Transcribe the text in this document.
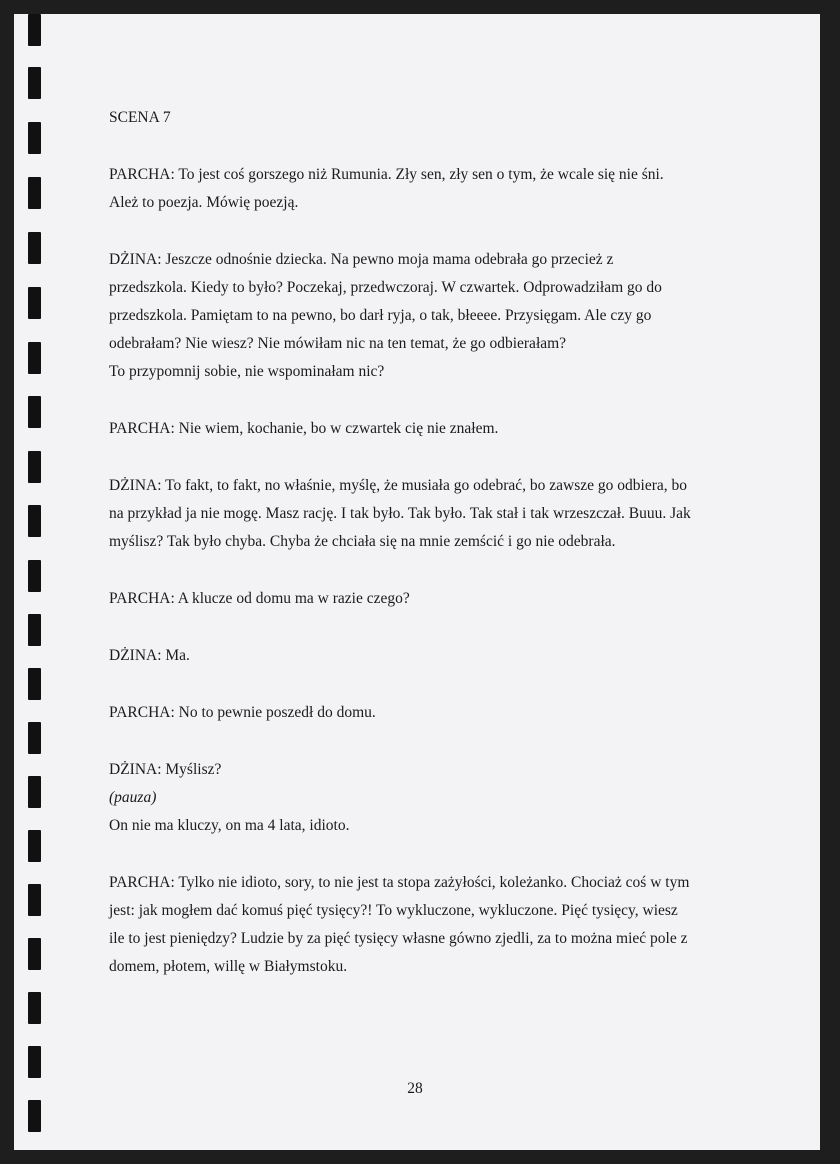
SCENA 7

PARCHA: To jest coś gorszego niż Rumunia. Zły sen, zły sen o tym, że wcale się nie śni.
Ależ to poezja. Mówię poezją.

DŻINA: Jeszcze odnośnie dziecka. Na pewno moja mama odebrała go przecież z
przedszkola. Kiedy to było? Poczekaj, przedwczoraj. W czwartek. Odprowadziłam go do
przedszkola. Pamiętam to na pewno, bo darł ryja, o tak, błeeee. Przysięgam. Ale czy go
odebrałam? Nie wiesz? Nie mówiłam nic na ten temat, że go odbierałam?
To przypomnij sobie, nie wspominałam nic?

PARCHA: Nie wiem, kochanie, bo w czwartek cię nie znałem.

DŻINA: To fakt, to fakt, no właśnie, myślę, że musiała go odebrać, bo zawsze go odbiera, bo
na przykład ja nie mogę. Masz rację. I tak było. Tak było. Tak stał i tak wrzeszczał. Buuu. Jak
myślisz? Tak było chyba. Chyba że chciała się na mnie zemścić i go nie odebrała.

PARCHA: A klucze od domu ma w razie czego?

DŻINA: Ma.

PARCHA: No to pewnie poszedł do domu.

DŻINA: Myślisz?
(pauza)
On nie ma kluczy, on ma 4 lata, idioto.

PARCHA: Tylko nie idioto, sory, to nie jest ta stopa zażyłości, koleżanko. Chociaż coś w tym
jest: jak mogłem dać komuś pięć tysięcy?! To wykluczone, wykluczone. Pięć tysięcy, wiesz
ile to jest pieniędzy? Ludzie by za pięć tysięcy własne gówno zjedli, za to można mieć pole z
domem, płotem, willę w Białymstoku.

28
